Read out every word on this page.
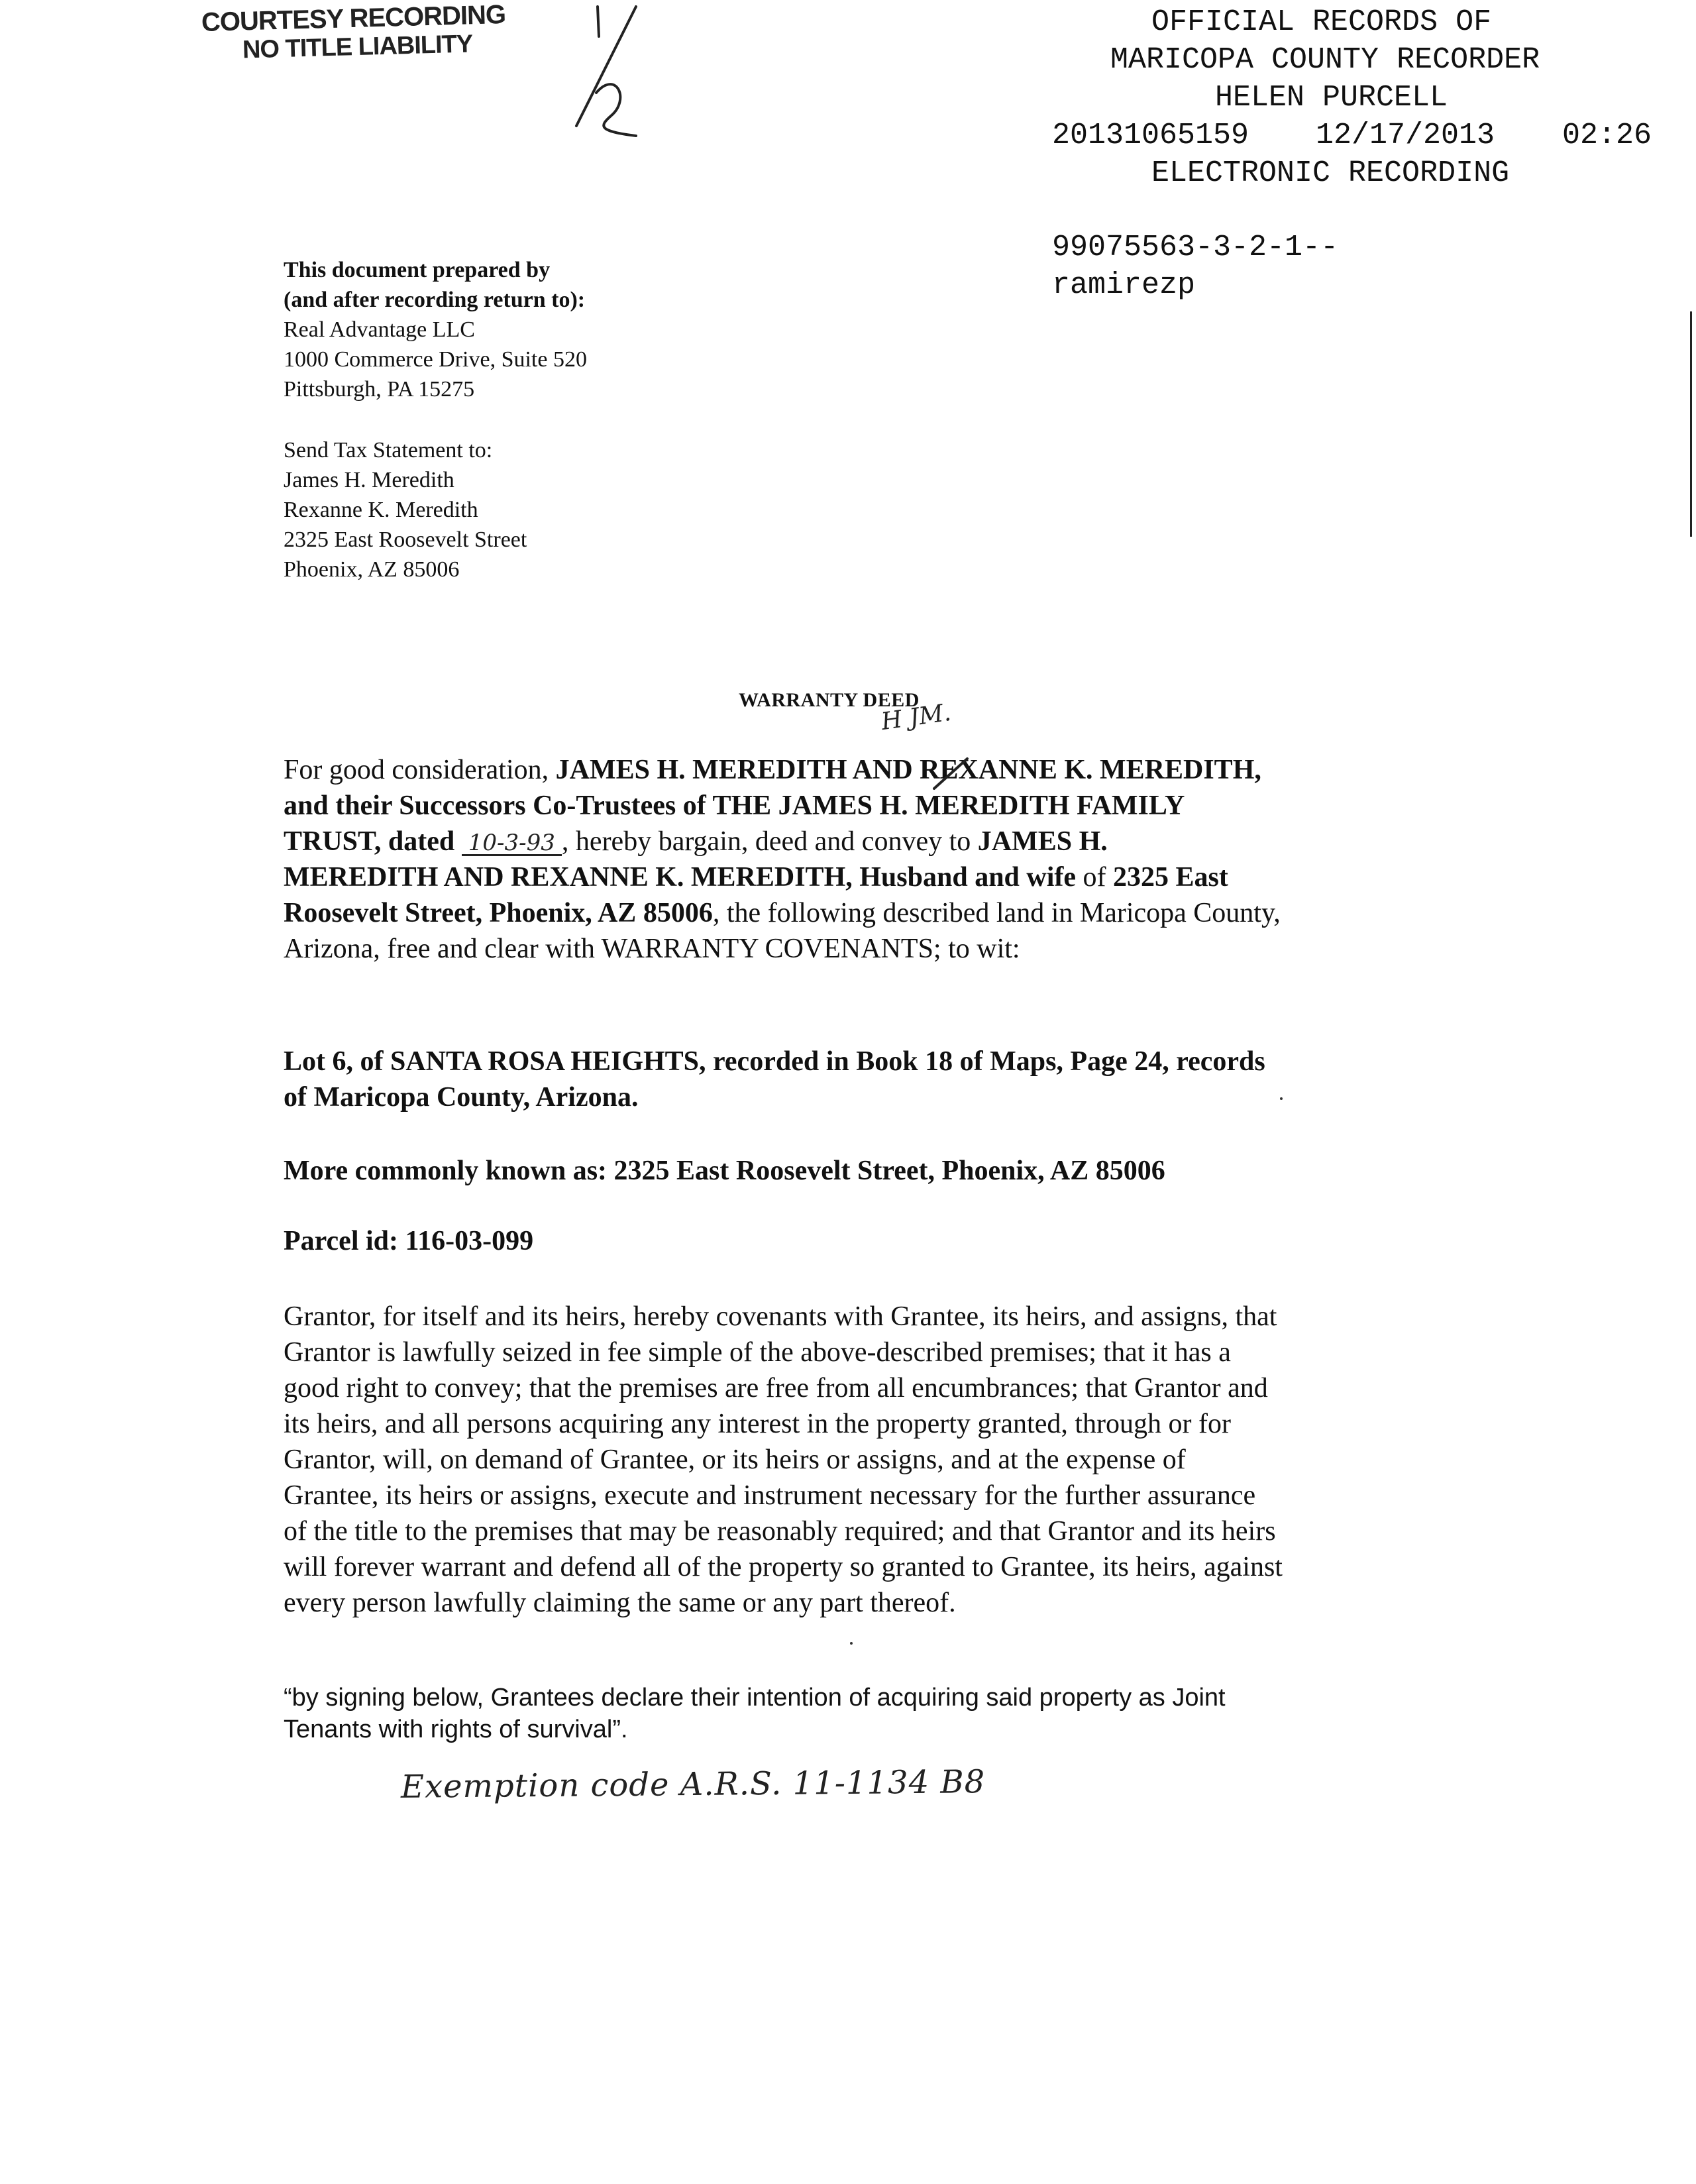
COURTESY RECORDING
NO TITLE LIABILITY
OFFICIAL RECORDS OF
MARICOPA COUNTY RECORDER
HELEN PURCELL
20131065159 12/17/2013 02:26
ELECTRONIC RECORDING
99075563-3-2-1--
ramirezp
This document prepared by
(and after recording return to):
Real Advantage LLC
1000 Commerce Drive, Suite 520
Pittsburgh, PA 15275
Send Tax Statement to:
James H. Meredith
Rexanne K. Meredith
2325 East Roosevelt Street
Phoenix, AZ 85006
WARRANTY DEED
H JM.
For good consideration, JAMES H. MEREDITH AND REXANNE K. MEREDITH,
and their Successors Co-Trustees of THE JAMES H. MEREDITH FAMILY
TRUST, dated 10-3-93 , hereby bargain, deed and convey to JAMES H.
MEREDITH AND REXANNE K. MEREDITH, Husband and wife of 2325 East
Roosevelt Street, Phoenix, AZ 85006, the following described land in Maricopa County,
Arizona, free and clear with WARRANTY COVENANTS; to wit:
Lot 6, of SANTA ROSA HEIGHTS, recorded in Book 18 of Maps, Page 24, records
of Maricopa County, Arizona.
More commonly known as: 2325 East Roosevelt Street, Phoenix, AZ 85006
Parcel id: 116-03-099
Grantor, for itself and its heirs, hereby covenants with Grantee, its heirs, and assigns, that
Grantor is lawfully seized in fee simple of the above-described premises; that it has a
good right to convey; that the premises are free from all encumbrances; that Grantor and
its heirs, and all persons acquiring any interest in the property granted, through or for
Grantor, will, on demand of Grantee, or its heirs or assigns, and at the expense of
Grantee, its heirs or assigns, execute and instrument necessary for the further assurance
of the title to the premises that may be reasonably required; and that Grantor and its heirs
will forever warrant and defend all of the property so granted to Grantee, its heirs, against
every person lawfully claiming the same or any part thereof.
“by signing below, Grantees declare their intention of acquiring said property as Joint
Tenants with rights of survival”.
Exemption code A.R.S. 11-1134 B8
